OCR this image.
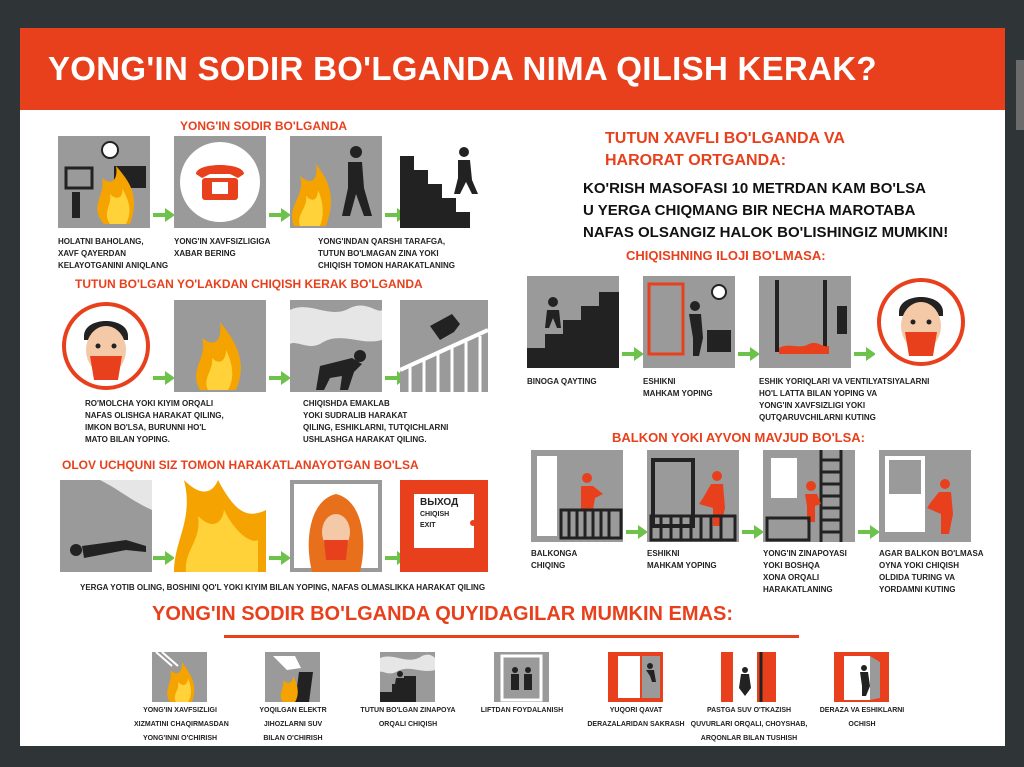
YONG'IN SODIR BO'LGANDA NIMA QILISH KERAK?
YONG'IN SODIR BO'LGANDA
HOLATNI BAHOLANG,
XAVF QAYERDAN
KELAYOTGANINI ANIQLANG
YONG'IN XAVFSIZLIGIGA
XABAR BERING
YONG'INDAN QARSHI TARAFGA,
TUTUN BO'LMAGAN ZINA YOKI
CHIQISH TOMON HARAKATLANING
TUTUN BO'LGAN YO'LAKDAN CHIQISH KERAK BO'LGANDA
RO'MOLCHA YOKI KIYIM ORQALI
NAFAS OLISHGA HARAKAT QILING,
IMKON BO'LSA, BURUNNI HO'L
MATO BILAN YOPING.
CHIQISHDA EMAKLAB
YOKI SUDRALIB HARAKAT
QILING, ESHIKLARNI, TUTQICHLARNI
USHLASHGA HARAKAT QILING.
OLOV UCHQUNI SIZ TOMON HARAKATLANAYOTGAN BO'LSA
ВЫХОД
CHIQISH
EXIT
YERGA YOTIB OLING, BOSHINI QO'L YOKI KIYIM BILAN YOPING, NAFAS OLMASLIKKA HARAKAT QILING
TUTUN XAVFLI BO'LGANDA VA
HARORAT ORTGANDA:
KO'RISH MASOFASI 10 METRDAN KAM BO'LSA
U YERGA CHIQMANG BIR NECHA MAROTABA
NAFAS OLSANGIZ HALOK BO'LISHINGIZ MUMKIN!
CHIQISHNING ILOJI BO'LMASA:
BINOGA QAYTING	ESHIKNI
MAHKAM YOPING
ESHIK YORIQLARI VA VENTILYATSIYALARNI
HO'L LATTA BILAN YOPING VA
YONG'IN XAVFSIZLIGI YOKI
QUTQARUVCHILARNI KUTING
BALKON YOKI AYVON MAVJUD BO'LSA:
BALKONGA
CHIQING
ESHIKNI
MAHKAM YOPING
YONG'IN ZINAPOYASI
YOKI BOSHQA
XONA ORQALI
HARAKATLANING
AGAR BALKON BO'LMASA
OYNA YOKI CHIQISH
OLDIDA TURING VA
YORDAMNI KUTING
YONG'IN SODIR BO'LGANDA QUYIDAGILAR MUMKIN EMAS:
YONG'IN XAVFSIZLIGI
XIZMATINI CHAQIRMASDAN
YONG'INNI O'CHIRISH
YOQILGAN ELEKTR
JIHOZLARNI SUV
BILAN O'CHIRISH
TUTUN BO'LGAN ZINAPOYA
ORQALI CHIQISH
LIFTDAN FOYDALANISH	YUQORI QAVAT
DERAZALARIDAN SAKRASH
PASTGA SUV O'TKAZISH
QUVURLARI ORQALI, CHOYSHAB,
ARQONLAR BILAN TUSHISH
DERAZA VA ESHIKLARNI
OCHISH
